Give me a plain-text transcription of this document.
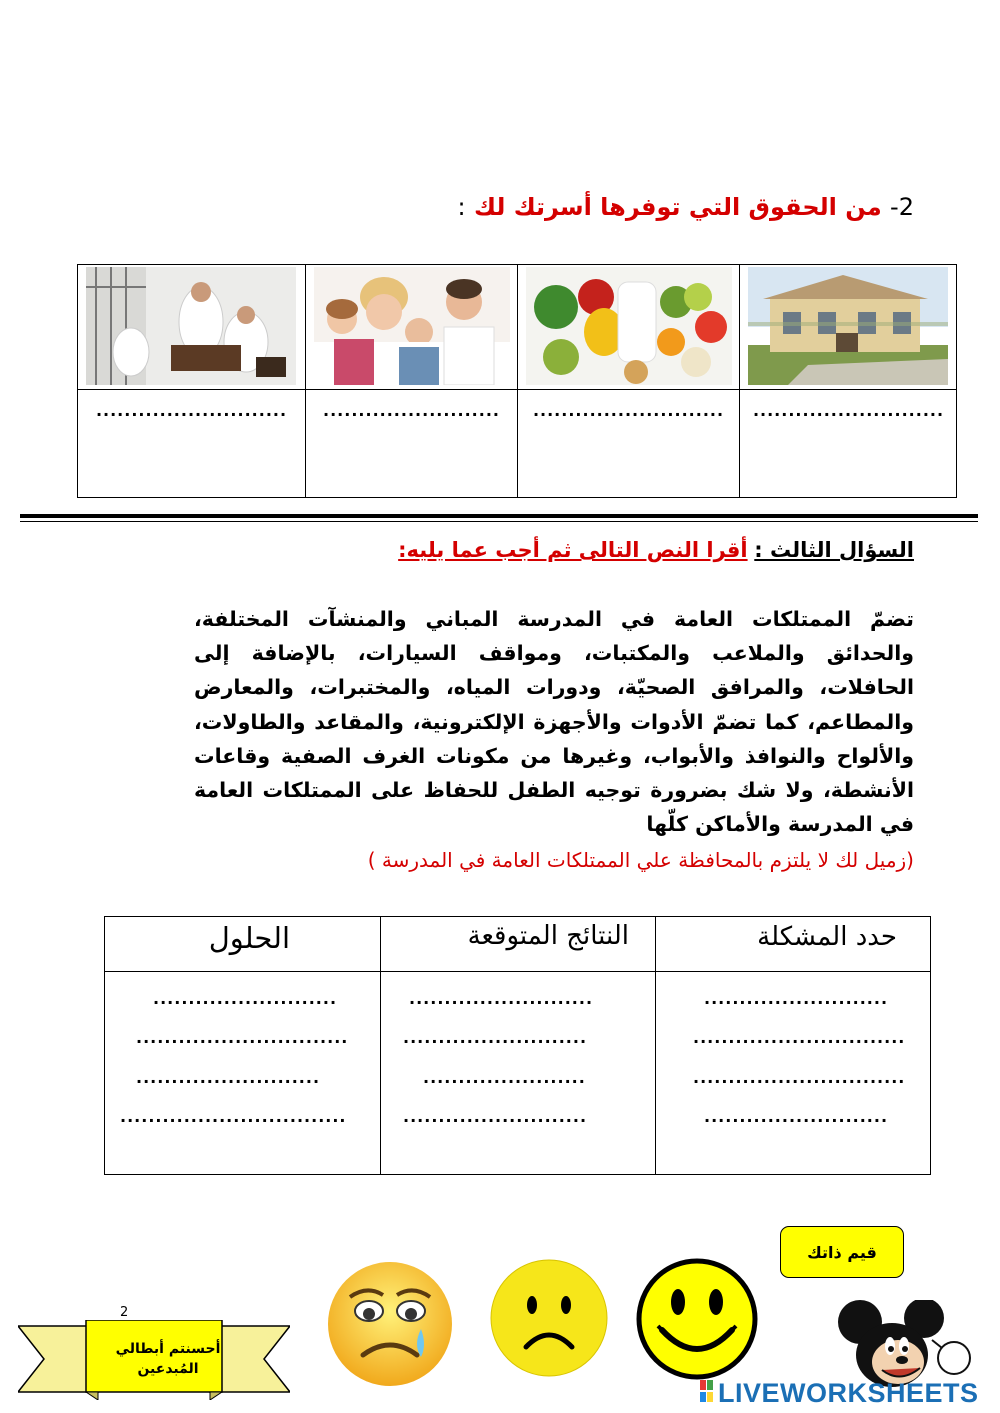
2- من الحقوق التي توفرها أسرتك لك :
...........................
...........................
.........................
...........................
السؤال الثالث : أقرا النص التالى ثم أجب عما يليه:
تضمّ الممتلكات العامة في المدرسة المباني والمنشآت المختلفة، والحدائق والملاعب والمكتبات، ومواقف السيارات، بالإضافة إلى الحافلات، والمرافق الصحيّة، ودورات المياه، والمختبرات، والمعارض والمطاعم، كما تضمّ الأدوات والأجهزة الإلكترونية، والمقاعد والطاولات، والألواح والنوافذ والأبواب، وغيرها من مكونات الغرف الصفية وقاعات الأنشطة، ولا شك بضرورة توجيه الطفل للحفاظ على الممتلكات العامة في المدرسة والأماكن كلّها
(زميل لك لا يلتزم بالمحافظة علي الممتلكات العامة في المدرسة )
حدد المشكلة
..........................
..............................
..............................
..........................
النتائج المتوقعة
..........................
..........................
.......................
..........................
الحلول
..........................
..............................
..........................
................................
قيم ذاتك
أحسنتم أبطالي
المُبدعين
2
LIVEWORKSHEETS
